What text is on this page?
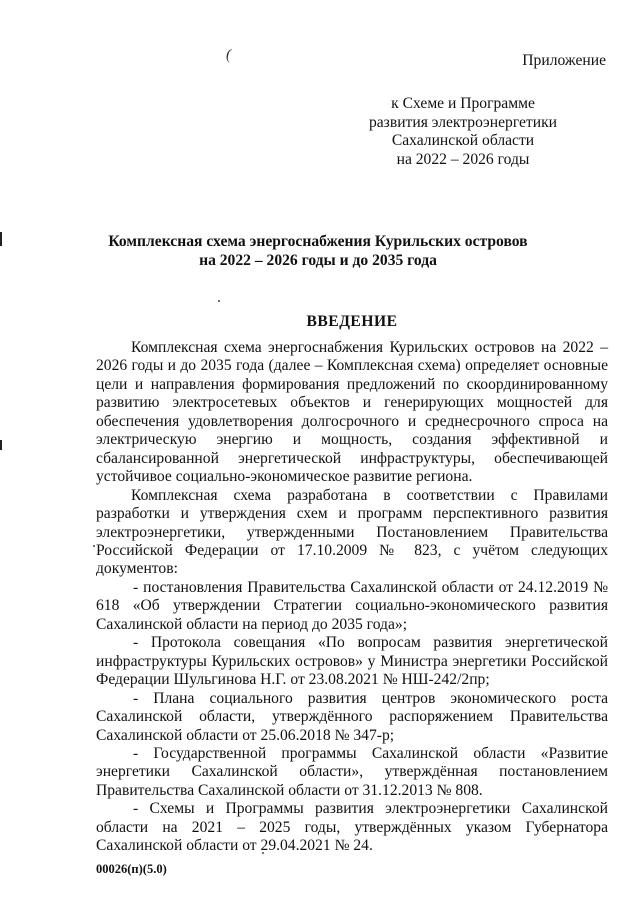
(	Приложение
к Схеме и Программе
развития электроэнергетики
Сахалинской области
на 2022 – 2026 годы
Комплексная схема энергоснабжения Курильских островов
на 2022 – 2026 годы и до 2035 года
ВВЕДЕНИЕ

Комплексная схема энергоснабжения Курильских островов на 2022 – 2026 годы и до 2035 года (далее – Комплексная схема) определяет основные цели и направления формирования предложений по скоординированному развитию электросетевых объектов и генерирующих мощностей для обеспечения удовлетворения долгосрочного и среднесрочного спроса на электрическую энергию и мощность, создания эффективной и сбалансированной энергетической инфраструктуры, обеспечивающей устойчивое социально-экономическое развитие региона.

Комплексная схема разработана в соответствии с Правилами разработки и утверждения схем и программ перспективного развития электроэнергетики, утвержденными Постановлением Правительства Российской Федерации от 17.10.2009 № 823, с учётом следующих документов:

- постановления Правительства Сахалинской области от 24.12.2019 № 618 «Об утверждении Стратегии социально-экономического развития Сахалинской области на период до 2035 года»;

- Протокола совещания «По вопросам развития энергетической инфраструктуры Курильских островов» у Министра энергетики Российской Федерации Шульгинова Н.Г. от 23.08.2021 № НШ-242/2пр;

- Плана социального развития центров экономического роста Сахалинской области, утверждённого распоряжением Правительства Сахалинской области от 25.06.2018 № 347-р;

- Государственной программы Сахалинской области «Развитие энергетики Сахалинской области», утверждённая постановлением Правительства Сахалинской области от 31.12.2013 № 808.

- Схемы и Программы развития электроэнергетики Сахалинской области на 2021 – 2025 годы, утверждённых указом Губернатора Сахалинской области от 29.04.2021 № 24.

00026(п)(5.0)
